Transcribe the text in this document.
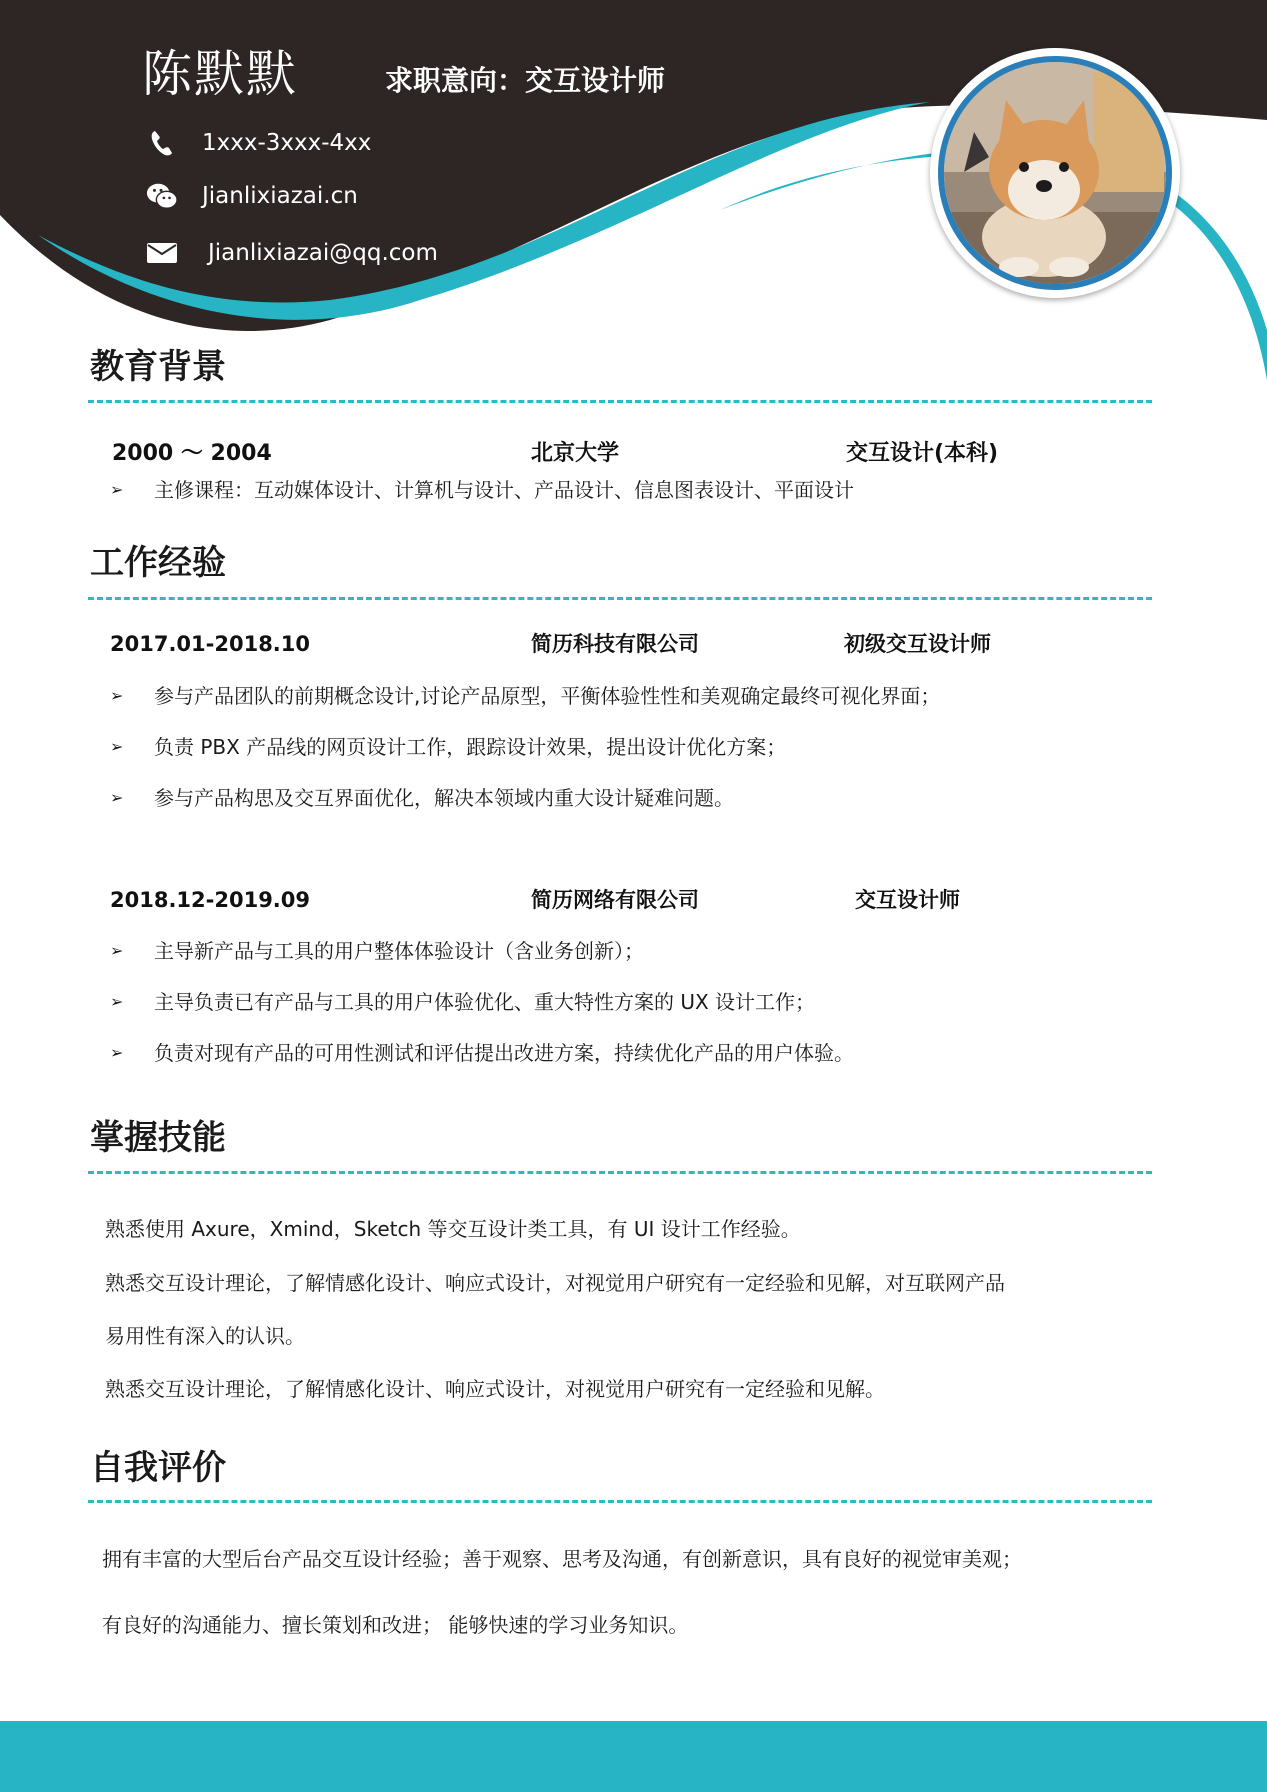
陈默默	求职意向：交互设计师
1xxx-3xxx-4xx
Jianlixiazai.cn
Jianlixiazai@qq.com
教育背景
2000 ～ 2004	北京大学	交互设计(本科)
➢	主修课程：互动媒体设计、计算机与设计、产品设计、信息图表设计、平面设计
工作经验
2017.01-2018.10	简历科技有限公司	初级交互设计师
➢	参与产品团队的前期概念设计,讨论产品原型，平衡体验性性和美观确定最终可视化界面；
➢	负责 PBX 产品线的网页设计工作，跟踪设计效果，提出设计优化方案；
➢	参与产品构思及交互界面优化，解决本领域内重大设计疑难问题。
2018.12-2019.09	简历网络有限公司	交互设计师
➢	主导新产品与工具的用户整体体验设计（含业务创新）；
➢	主导负责已有产品与工具的用户体验优化、重大特性方案的 UX 设计工作；
➢	负责对现有产品的可用性测试和评估提出改进方案，持续优化产品的用户体验。
掌握技能
熟悉使用 Axure，Xmind，Sketch 等交互设计类工具，有 UI 设计工作经验。
熟悉交互设计理论，了解情感化设计、响应式设计，对视觉用户研究有一定经验和见解，对互联网产品
易用性有深入的认识。
熟悉交互设计理论，了解情感化设计、响应式设计，对视觉用户研究有一定经验和见解。
自我评价
拥有丰富的大型后台产品交互设计经验；善于观察、思考及沟通，有创新意识，具有良好的视觉审美观；
有良好的沟通能力、擅长策划和改进； 能够快速的学习业务知识。
